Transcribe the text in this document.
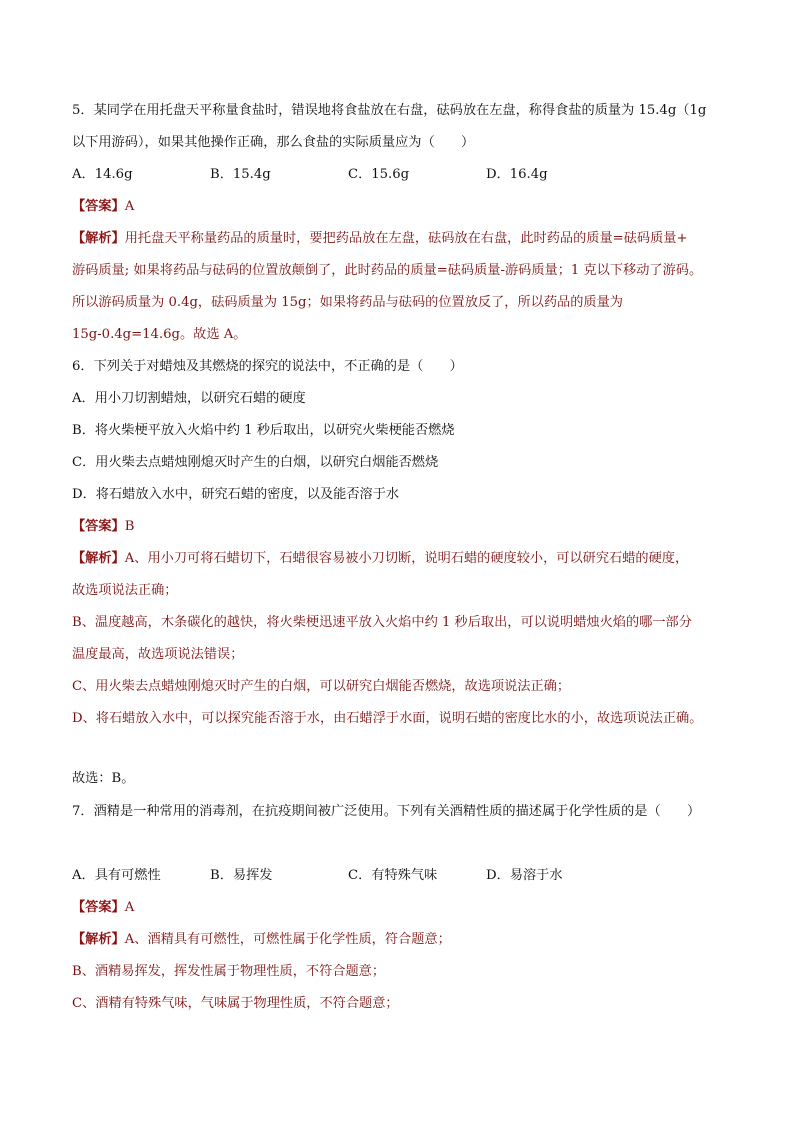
5．某同学在用托盘天平称量食盐时，错误地将食盐放在右盘，砝码放在左盘，称得食盐的质量为 15.4g（1g
以下用游码），如果其他操作正确，那么食盐的实际质量应为（　　）
A．14.6g	B．15.4g	C．15.6g	D．16.4g
【答案】A
【解析】用托盘天平称量药品的质量时，要把药品放在左盘，砝码放在右盘，此时药品的质量=砝码质量+
游码质量; 如果将药品与砝码的位置放颠倒了，此时药品的质量=砝码质量-游码质量；1 克以下移动了游码。
所以游码质量为 0.4g，砝码质量为 15g；如果将药品与砝码的位置放反了，所以药品的质量为
15g-0.4g=14.6g。故选 A。
6．下列关于对蜡烛及其燃烧的探究的说法中，不正确的是（　　）
A．用小刀切割蜡烛，以研究石蜡的硬度
B．将火柴梗平放入火焰中约 1 秒后取出，以研究火柴梗能否燃烧
C．用火柴去点蜡烛刚熄灭时产生的白烟，以研究白烟能否燃烧
D．将石蜡放入水中，研究石蜡的密度，以及能否溶于水
【答案】B
【解析】A、用小刀可将石蜡切下，石蜡很容易被小刀切断，说明石蜡的硬度较小，可以研究石蜡的硬度，
故选项说法正确；
B、温度越高，木条碳化的越快，将火柴梗迅速平放入火焰中约 1 秒后取出，可以说明蜡烛火焰的哪一部分
温度最高，故选项说法错误；
C、用火柴去点蜡烛刚熄灭时产生的白烟，可以研究白烟能否燃烧，故选项说法正确；
D、将石蜡放入水中，可以探究能否溶于水，由石蜡浮于水面，说明石蜡的密度比水的小，故选项说法正确。
故选：B。
7．酒精是一种常用的消毒剂，在抗疫期间被广泛使用。下列有关酒精性质的描述属于化学性质的是（　　）
A．具有可燃性	B．易挥发	C．有特殊气味	D．易溶于水
【答案】A
【解析】A、酒精具有可燃性，可燃性属于化学性质，符合题意；
B、酒精易挥发，挥发性属于物理性质，不符合题意；
C、酒精有特殊气味，气味属于物理性质，不符合题意；
